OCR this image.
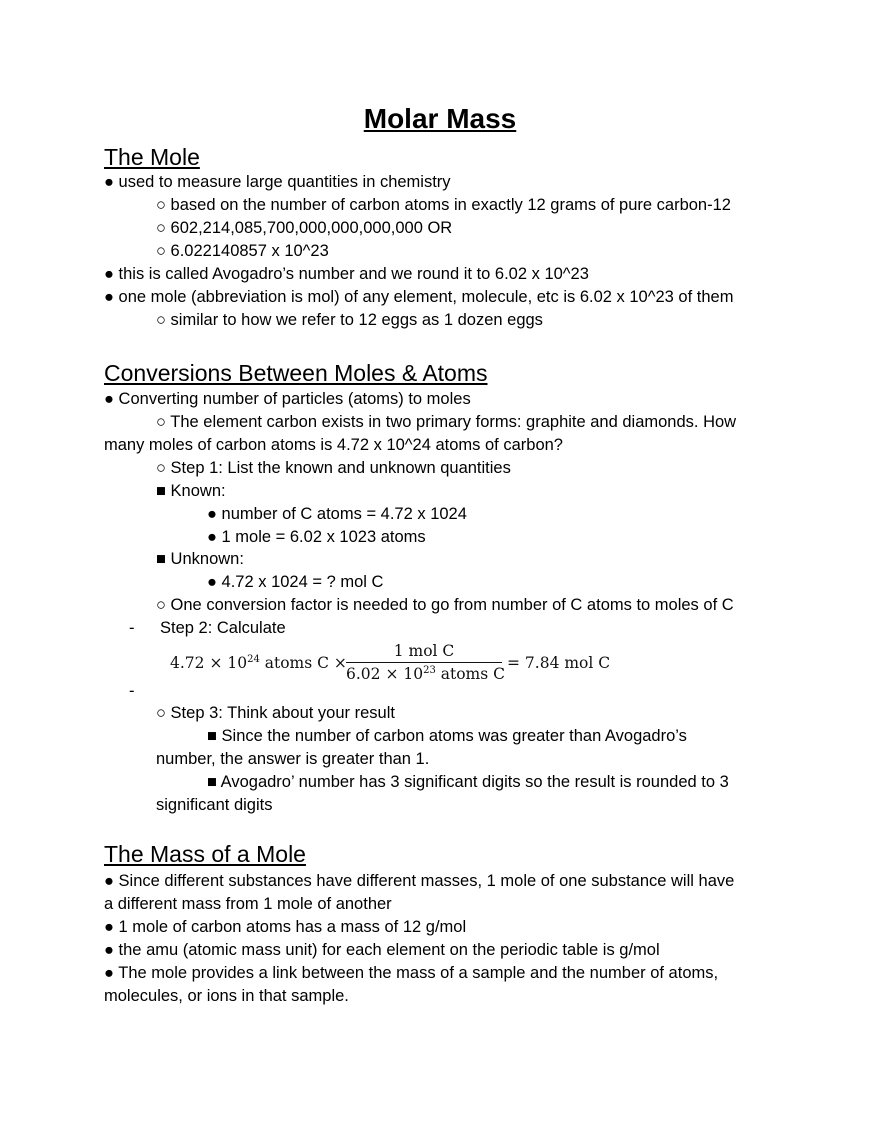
Molar Mass
The Mole
● used to measure large quantities in chemistry
○ based on the number of carbon atoms in exactly 12 grams of pure carbon-12
○ 602,214,085,700,000,000,000,000 OR
○ 6.022140857 x 10^23
● this is called Avogadro’s number and we round it to 6.02 x 10^23
● one mole (abbreviation is mol) of any element, molecule, etc is 6.02 x 10^23 of them
○ similar to how we refer to 12 eggs as 1 dozen eggs
Conversions Between Moles & Atoms
● Converting number of particles (atoms) to moles
○ The element carbon exists in two primary forms: graphite and diamonds. How
many moles of carbon atoms is 4.72 x 10^24 atoms of carbon?
○ Step 1: List the known and unknown quantities
■ Known:
● number of C atoms = 4.72 x 1024
● 1 mole = 6.02 x 1023 atoms
■ Unknown:
● 4.72 x 1024 = ? mol C
○ One conversion factor is needed to go from number of C atoms to moles of C
- Step 2: Calculate
$4.72 \times 10^{24}$ atoms C ×
1 mol C
$6.02 \times 10^{23}$ atoms C
= 7.84 mol C
-
○ Step 3: Think about your result
■ Since the number of carbon atoms was greater than Avogadro’s
number, the answer is greater than 1.
■ Avogadro’ number has 3 significant digits so the result is rounded to 3
significant digits
The Mass of a Mole
● Since different substances have different masses, 1 mole of one substance will have
a different mass from 1 mole of another
● 1 mole of carbon atoms has a mass of 12 g/mol
● the amu (atomic mass unit) for each element on the periodic table is g/mol
● The mole provides a link between the mass of a sample and the number of atoms,
molecules, or ions in that sample.
